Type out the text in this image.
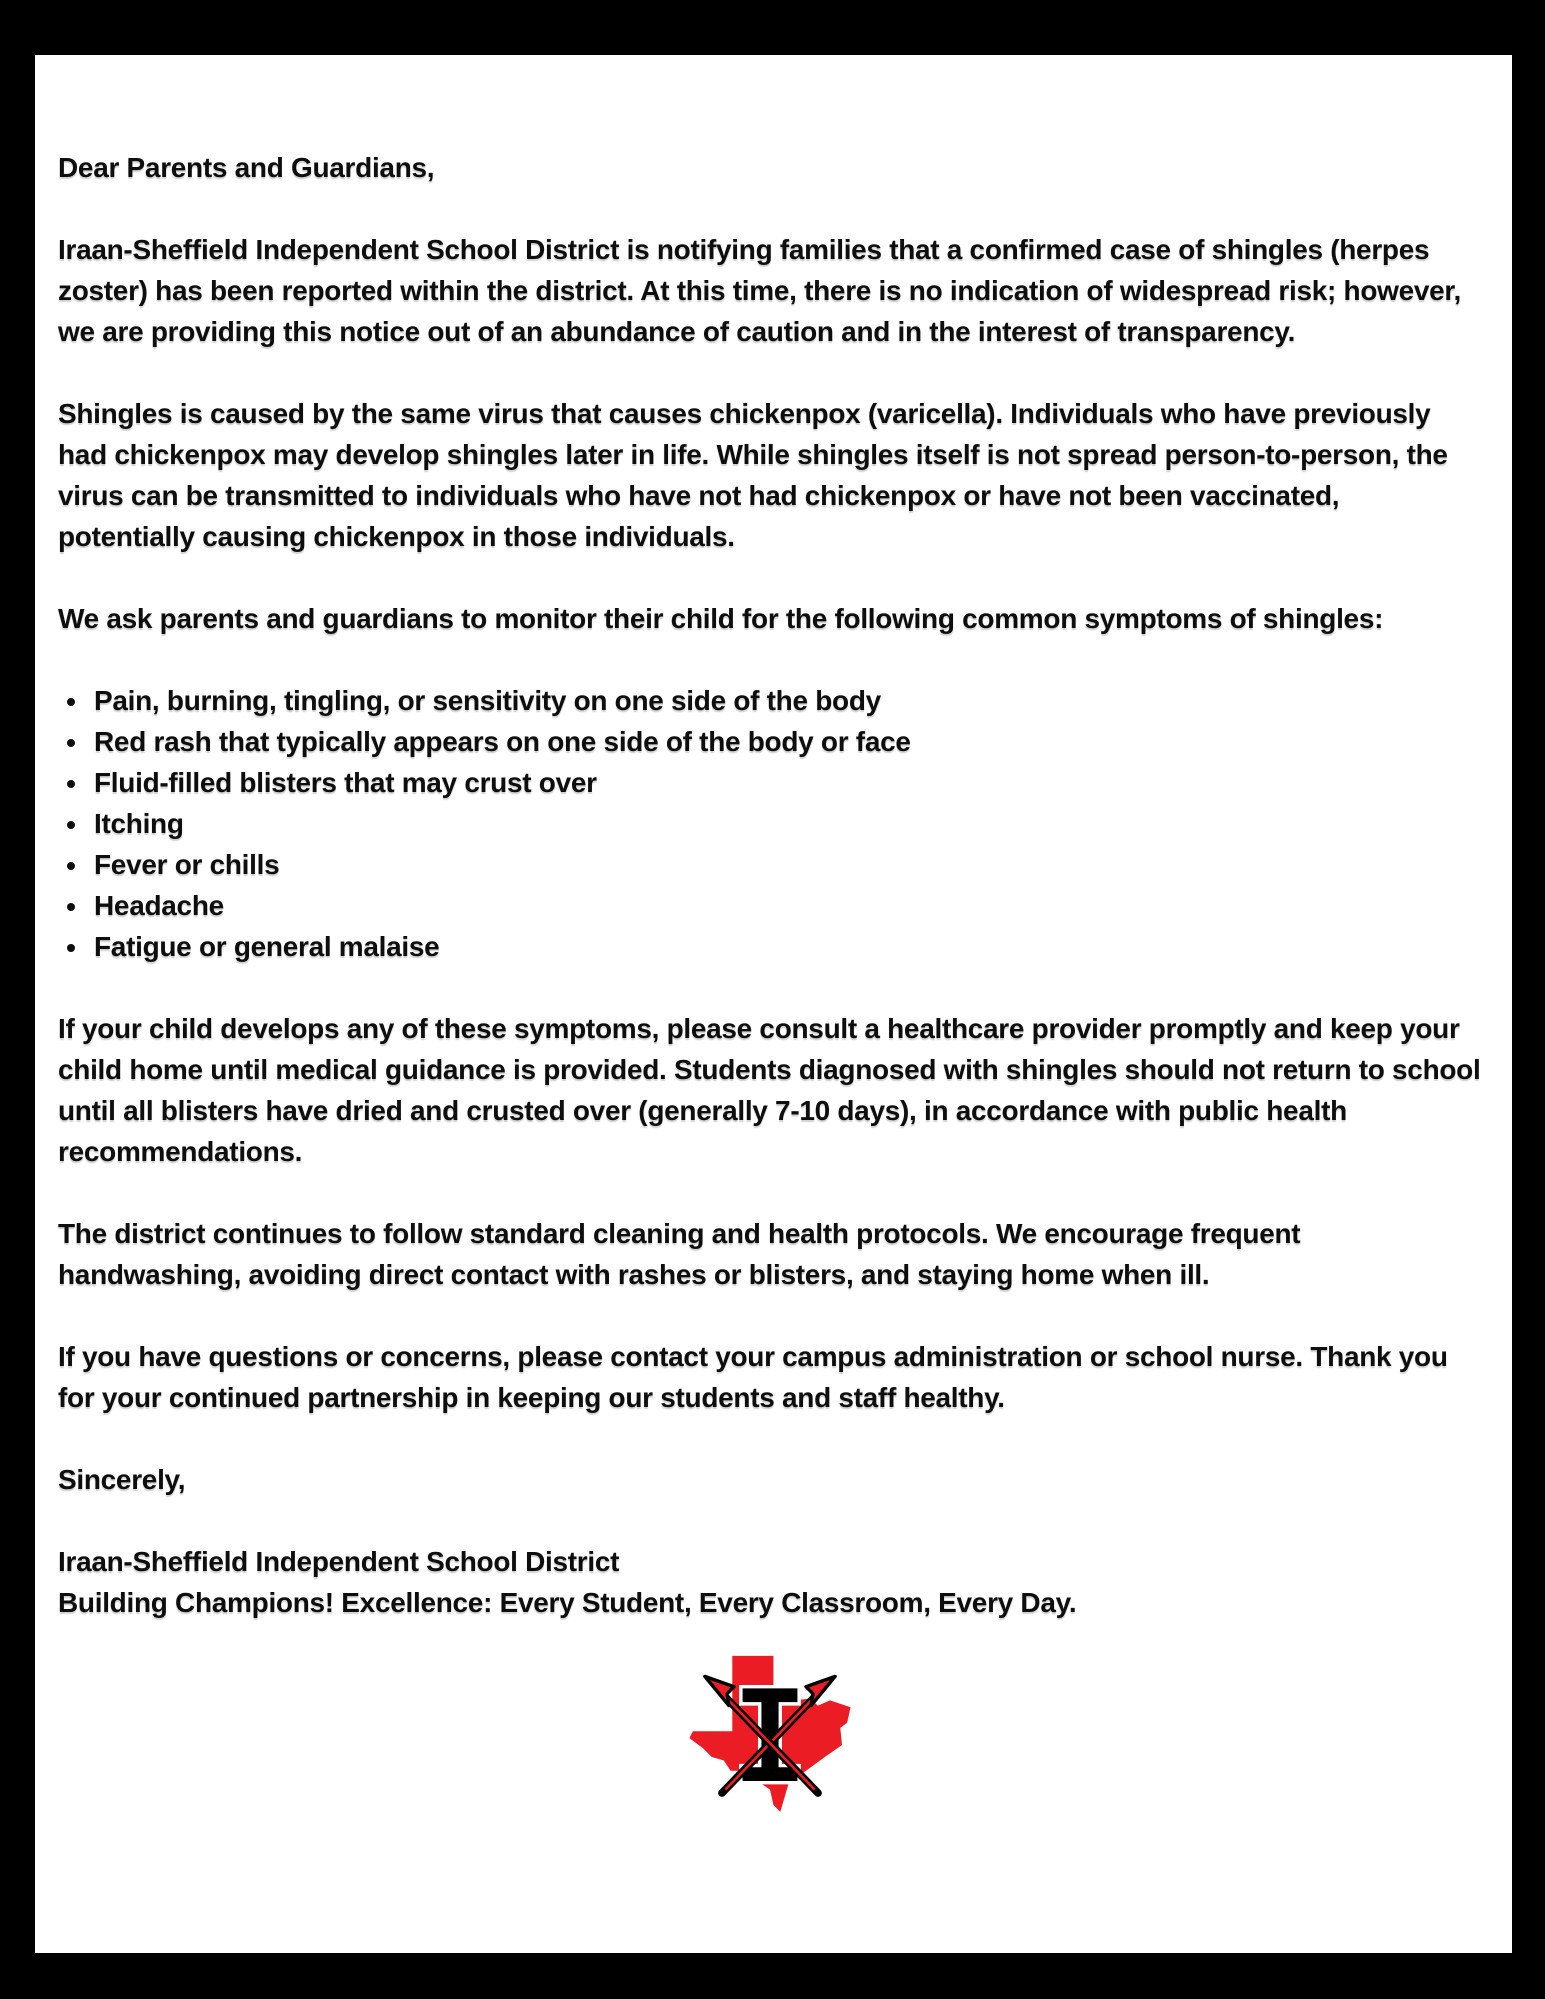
Dear Parents and Guardians,

Iraan-Sheffield Independent School District is notifying families that a confirmed case of shingles (herpes zoster) has been reported within the district. At this time, there is no indication of widespread risk; however, we are providing this notice out of an abundance of caution and in the interest of transparency.

Shingles is caused by the same virus that causes chickenpox (varicella). Individuals who have previously had chickenpox may develop shingles later in life. While shingles itself is not spread person-to-person, the virus can be transmitted to individuals who have not had chickenpox or have not been vaccinated, potentially causing chickenpox in those individuals.

We ask parents and guardians to monitor their child for the following common symptoms of shingles:

• Pain, burning, tingling, or sensitivity on one side of the body
• Red rash that typically appears on one side of the body or face
• Fluid-filled blisters that may crust over
• Itching
• Fever or chills
• Headache
• Fatigue or general malaise

If your child develops any of these symptoms, please consult a healthcare provider promptly and keep your child home until medical guidance is provided. Students diagnosed with shingles should not return to school until all blisters have dried and crusted over (generally 7-10 days), in accordance with public health recommendations.

The district continues to follow standard cleaning and health protocols. We encourage frequent handwashing, avoiding direct contact with rashes or blisters, and staying home when ill.

If you have questions or concerns, please contact your campus administration or school nurse. Thank you for your continued partnership in keeping our students and staff healthy.

Sincerely,

Iraan-Sheffield Independent School District

Building Champions! Excellence: Every Student, Every Classroom, Every Day.
